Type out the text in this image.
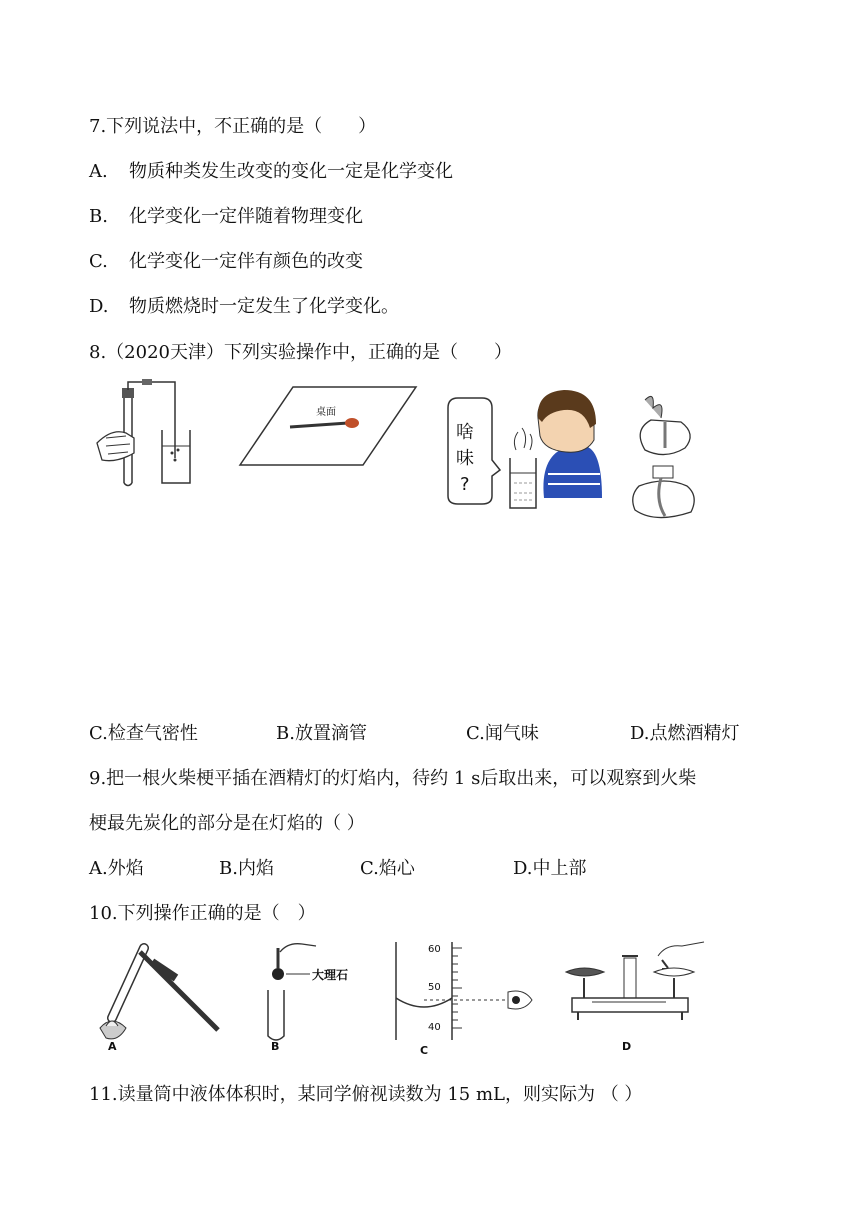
7.下列说法中，不正确的是（　　）
A. 物质种类发生改变的变化一定是化学变化
B. 化学变化一定伴随着物理变化
C. 化学变化一定伴有颜色的改变
D. 物质燃烧时一定发生了化学变化。
8.（2020天津）下列实验操作中，正确的是（　　）
桌面
啥
味
?
C.检查气密性	B.放置滴管	C.闻气味	D.点燃酒精灯
9.把一根火柴梗平插在酒精灯的灯焰内，待约 1 s后取出来，可以观察到火柴
梗最先炭化的部分是在灯焰的（ ）
A.外焰	B.内焰	C.焰心	D.中上部
10.下列操作正确的是（　）
A
大理石
B
60
50
40
C	D
11.读量筒中液体体积时，某同学俯视读数为 15 mL，则实际为 （ ）
